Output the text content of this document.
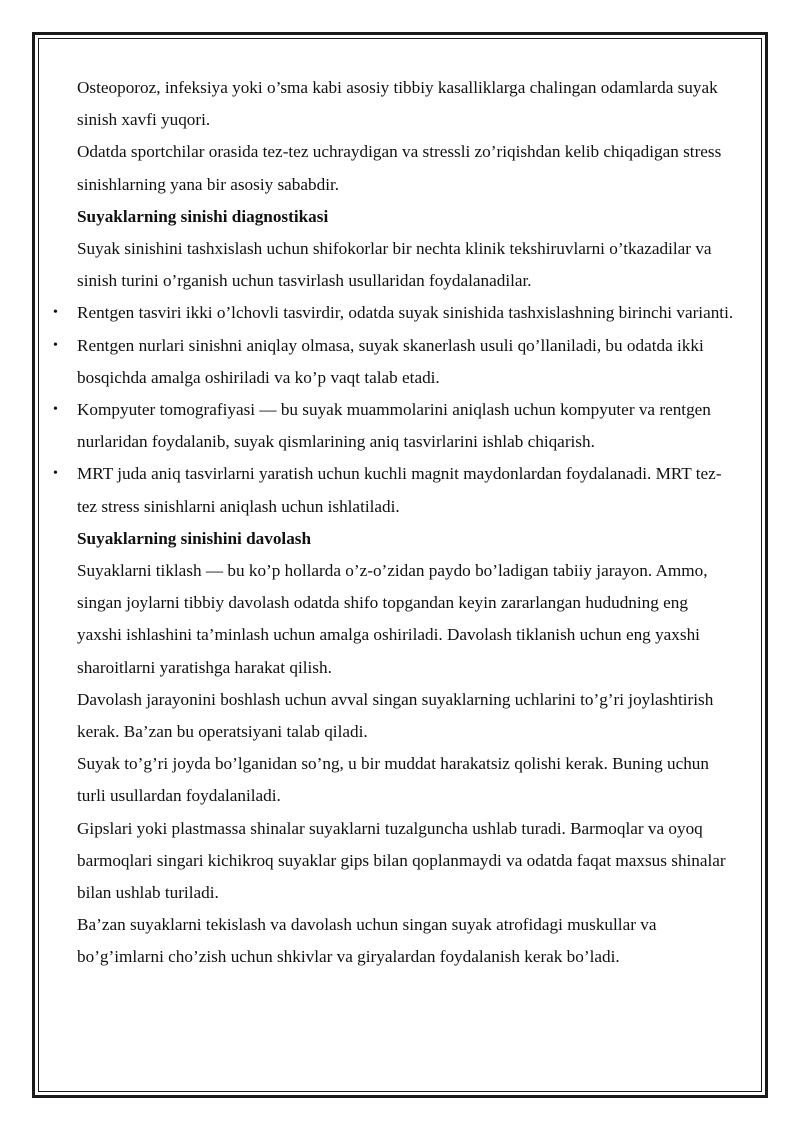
Osteoporoz, infeksiya yoki o’sma kabi asosiy tibbiy kasalliklarga chalingan odamlarda suyak sinish xavfi yuqori.

Odatda sportchilar orasida tez-tez uchraydigan va stressli zo’riqishdan kelib chiqadigan stress sinishlarning yana bir asosiy sababdir.

Suyaklarning sinishi diagnostikasi

Suyak sinishini tashxislash uchun shifokorlar bir nechta klinik tekshiruvlarni o’tkazadilar va sinish turini o’rganish uchun tasvirlash usullaridan foydalanadilar.

• Rentgen tasviri ikki o’lchovli tasvirdir, odatda suyak sinishida tashxislashning birinchi varianti.
• Rentgen nurlari sinishni aniqlay olmasa, suyak skanerlash usuli qo’llaniladi, bu odatda ikki bosqichda amalga oshiriladi va ko’p vaqt talab etadi.
• Kompyuter tomografiyasi — bu suyak muammolarini aniqlash uchun kompyuter va rentgen nurlaridan foydalanib, suyak qismlarining aniq tasvirlarini ishlab chiqarish.
• MRT juda aniq tasvirlarni yaratish uchun kuchli magnit maydonlardan foydalanadi. MRT tez-tez stress sinishlarni aniqlash uchun ishlatiladi.

Suyaklarning sinishini davolash

Suyaklarni tiklash — bu ko’p hollarda o’z-o’zidan paydo bo’ladigan tabiiy jarayon. Ammo, singan joylarni tibbiy davolash odatda shifo topgandan keyin zararlangan hududning eng yaxshi ishlashini ta’minlash uchun amalga oshiriladi. Davolash tiklanish uchun eng yaxshi sharoitlarni yaratishga harakat qilish.

Davolash jarayonini boshlash uchun avval singan suyaklarning uchlarini to’g’ri joylashtirish kerak. Ba’zan bu operatsiyani talab qiladi.

Suyak to’g’ri joyda bo’lganidan so’ng, u bir muddat harakatsiz qolishi kerak. Buning uchun turli usullardan foydalaniladi.

Gipslari yoki plastmassa shinalar suyaklarni tuzalguncha ushlab turadi. Barmoqlar va oyoq barmoqlari singari kichikroq suyaklar gips bilan qoplanmaydi va odatda faqat maxsus shinalar bilan ushlab turiladi.

Ba’zan suyaklarni tekislash va davolash uchun singan suyak atrofidagi muskullar va bo’g’imlarni cho’zish uchun shkivlar va giryalardan foydalanish kerak bo’ladi.
